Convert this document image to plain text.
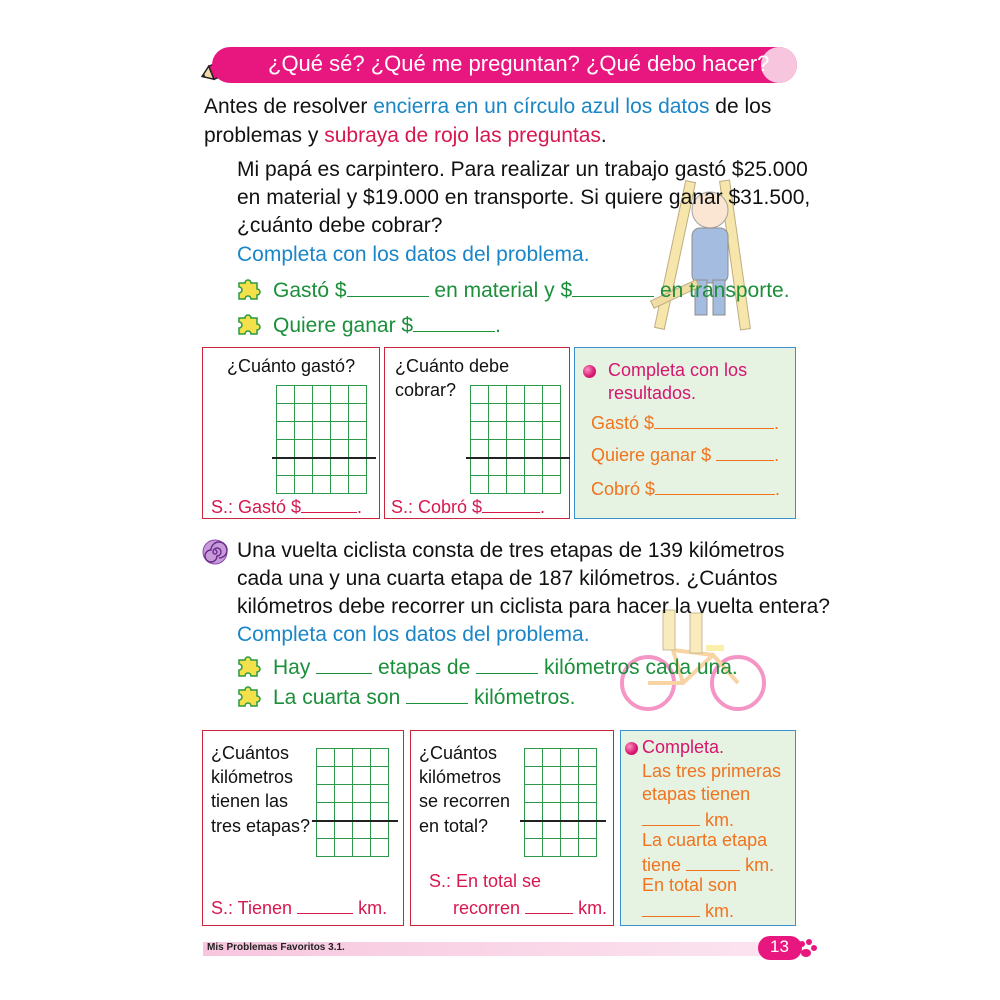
¿Qué sé? ¿Qué me preguntan? ¿Qué debo hacer?
Antes de resolver encierra en un círculo azul los datos de los
problemas y subraya de rojo las preguntas.
Mi papá es carpintero. Para realizar un trabajo gastó $25.000
en material y $19.000 en transporte. Si quiere ganar $31.500,
¿cuánto debe cobrar?
Completa con los datos del problema.
Gastó $	en material y $	en transporte.
Quiere ganar $	.
¿Cuánto gastó?
S.: Gastó $	.
¿Cuánto debe
cobrar?
S.: Cobró $	.
Completa con los
resultados.
Gastó $	.
Quiere ganar $	.
Cobró $	.
Una vuelta ciclista consta de tres etapas de 139 kilómetros
cada una y una cuarta etapa de 187 kilómetros. ¿Cuántos
kilómetros debe recorrer un ciclista para hacer la vuelta entera?
Completa con los datos del problema.
Hay	etapas de	kilómetros cada una.
La cuarta son	kilómetros.
¿Cuántos
kilómetros
tienen las
tres etapas?
S.: Tienen	km.
¿Cuántos
kilómetros
se recorren
en total?
S.: En total se
recorren	km.
Completa.
Las tres primeras
etapas tienen
km.
La cuarta etapa
tiene	km.
En total son
km.
Mis Problemas Favoritos 3.1.	13
